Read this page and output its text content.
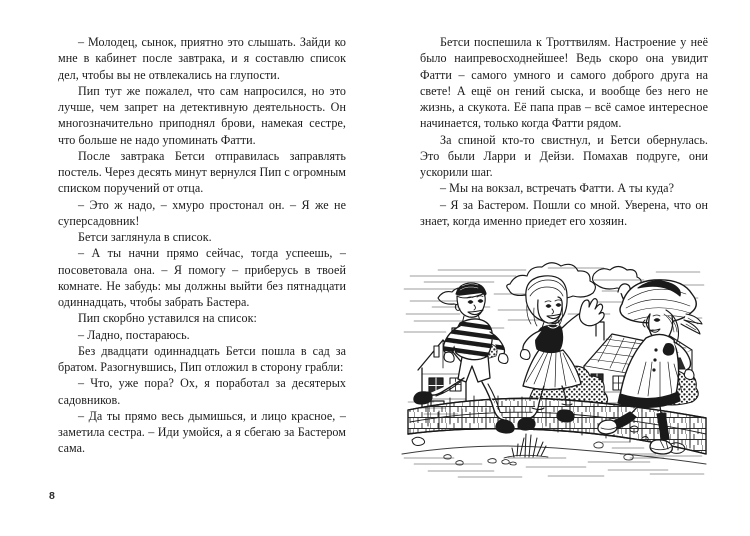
– Молодец, сынок, приятно это слышать. Зайди ко мне в кабинет после завтрака, и я составлю список дел, чтобы вы не отвлекались на глупости.

Пип тут же пожалел, что сам напросился, но это лучше, чем запрет на детективную деятельность. Он многозначительно приподнял брови, намекая сестре, что больше не надо упоминать Фатти.

После завтрака Бетси отправилась заправлять постель. Через десять минут вернулся Пип с огромным списком поручений от отца.

– Это ж надо, – хмуро простонал он. – Я же не суперсадовник!

Бетси заглянула в список.

– А ты начни прямо сейчас, тогда успеешь, – посоветовала она. – Я помогу – приберусь в твоей комнате. Не забудь: мы должны выйти без пятнадцати одиннадцать, чтобы забрать Бастера.

Пип скорбно уставился на список:

– Ладно, постараюсь.

Без двадцати одиннадцать Бетси пошла в сад за братом. Разогнувшись, Пип отложил в сторону грабли:

– Что, уже пора? Ох, я поработал за десятерых садовников.

– Да ты прямо весь дымишься, и лицо красное, – заметила сестра. – Иди умойся, а я сбегаю за Бастером сама.

8

Бетси поспешила к Троттвилям. Настроение у неё было наипревосходнейшее! Ведь скоро она увидит Фатти – самого умного и самого доброго друга на свете! А ещё он гений сыска, и вообще без него не жизнь, а скукота. Её папа прав – всё самое интересное начинается, только когда Фатти рядом.

За спиной кто-то свистнул, и Бетси обернулась. Это были Ларри и Дейзи. Помахав подруге, они ускорили шаг.

– Мы на вокзал, встречать Фатти. А ты куда?

– Я за Бастером. Пошли со мной. Уверена, что он знает, когда именно приедет его хозяин.
